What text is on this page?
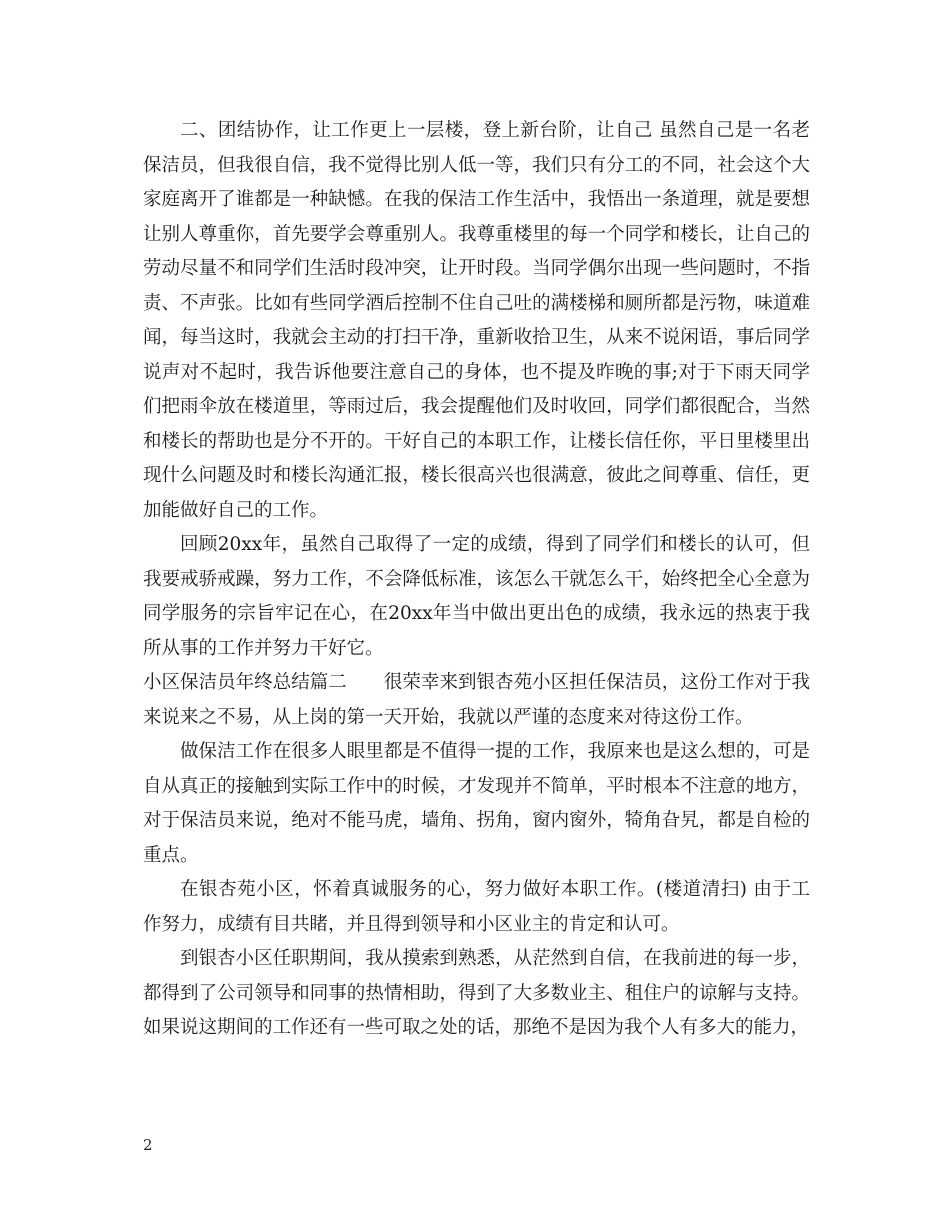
二、团结协作，让工作更上一层楼，登上新台阶，让自己 虽然自己是一名老保洁员，但我很自信，我不觉得比别人低一等，我们只有分工的不同，社会这个大家庭离开了谁都是一种缺憾。在我的保洁工作生活中，我悟出一条道理，就是要想让别人尊重你，首先要学会尊重别人。我尊重楼里的每一个同学和楼长，让自己的劳动尽量不和同学们生活时段冲突，让开时段。当同学偶尔出现一些问题时，不指责、不声张。比如有些同学酒后控制不住自己吐的满楼梯和厕所都是污物，味道难闻，每当这时，我就会主动的打扫干净，重新收拾卫生，从来不说闲语，事后同学说声对不起时，我告诉他要注意自己的身体，也不提及昨晚的事;对于下雨天同学们把雨伞放在楼道里，等雨过后，我会提醒他们及时收回，同学们都很配合，当然和楼长的帮助也是分不开的。干好自己的本职工作，让楼长信任你，平日里楼里出现什么问题及时和楼长沟通汇报，楼长很高兴也很满意，彼此之间尊重、信任，更加能做好自己的工作。

回顾20xx年，虽然自己取得了一定的成绩，得到了同学们和楼长的认可，但我要戒骄戒躁，努力工作，不会降低标准，该怎么干就怎么干，始终把全心全意为同学服务的宗旨牢记在心，在20xx年当中做出更出色的成绩，我永远的热衷于我所从事的工作并努力干好它。

小区保洁员年终总结篇二　　很荣幸来到银杏苑小区担任保洁员，这份工作对于我来说来之不易，从上岗的第一天开始，我就以严谨的态度来对待这份工作。

做保洁工作在很多人眼里都是不值得一提的工作，我原来也是这么想的，可是自从真正的接触到实际工作中的时候，才发现并不简单，平时根本不注意的地方，对于保洁员来说，绝对不能马虎，墙角、拐角，窗内窗外，犄角旮旯，都是自检的重点。

在银杏苑小区，怀着真诚服务的心，努力做好本职工作。(楼道清扫) 由于工作努力，成绩有目共睹，并且得到领导和小区业主的肯定和认可。

到银杏小区任职期间，我从摸索到熟悉，从茫然到自信，在我前进的每一步，都得到了公司领导和同事的热情相助，得到了大多数业主、租住户的谅解与支持。如果说这期间的工作还有一些可取之处的话，那绝不是因为我个人有多大的能力，

2
